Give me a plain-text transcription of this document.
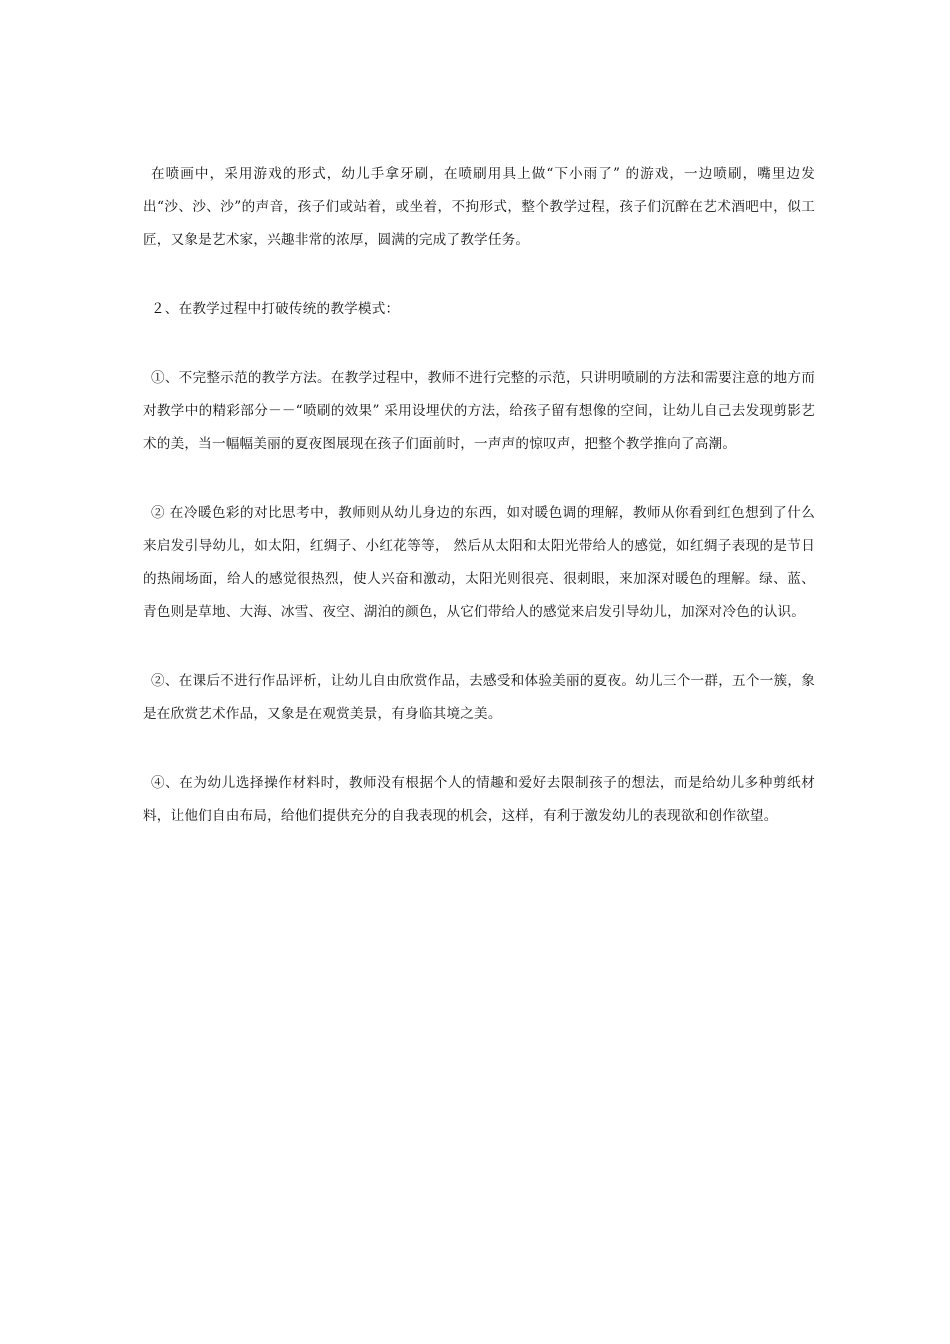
在喷画中，采用游戏的形式，幼儿手拿牙刷，在喷刷用具上做“下小雨了” 的游戏，一边喷刷，嘴里边发出“沙、沙、沙”的声音，孩子们或站着，或坐着，不拘形式，整个教学过程，孩子们沉醉在艺术酒吧中，似工匠，又象是艺术家，兴趣非常的浓厚，圆满的完成了教学任务。

２、在教学过程中打破传统的教学模式：

①、不完整示范的教学方法。在教学过程中，教师不进行完整的示范，只讲明喷刷的方法和需要注意的地方而对教学中的精彩部分－－“喷刷的效果” 采用设埋伏的方法，给孩子留有想像的空间，让幼儿自己去发现剪影艺术的美，当一幅幅美丽的夏夜图展现在孩子们面前时，一声声的惊叹声，把整个教学推向了高潮。

② 在冷暖色彩的对比思考中，教师则从幼儿身边的东西，如对暖色调的理解，教师从你看到红色想到了什么来启发引导幼儿，如太阳，红绸子、小红花等等， 然后从太阳和太阳光带给人的感觉，如红绸子表现的是节日的热闹场面，给人的感觉很热烈，使人兴奋和激动，太阳光则很亮、很刺眼，来加深对暖色的理解。绿、蓝、青色则是草地、大海、冰雪、夜空、湖泊的颜色，从它们带给人的感觉来启发引导幼儿，加深对冷色的认识。

②、在课后不进行作品评析，让幼儿自由欣赏作品，去感受和体验美丽的夏夜。幼儿三个一群，五个一簇，象是在欣赏艺术作品，又象是在观赏美景，有身临其境之美。

④、在为幼儿选择操作材料时，教师没有根据个人的情趣和爱好去限制孩子的想法，而是给幼儿多种剪纸材料，让他们自由布局，给他们提供充分的自我表现的机会，这样，有利于激发幼儿的表现欲和创作欲望。
